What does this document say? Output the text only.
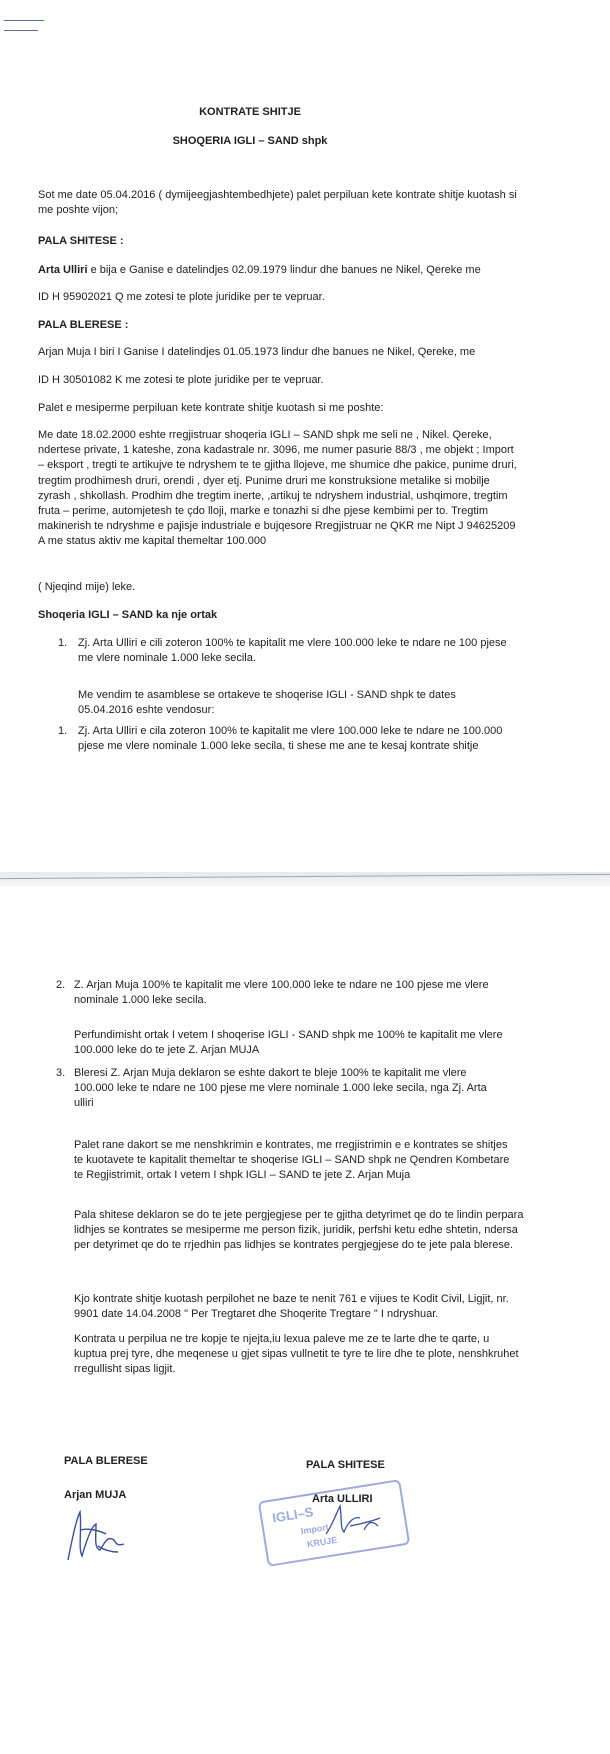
KONTRATE SHITJE
SHOQERIA IGLI – SAND shpk
Sot me date 05.04.2016 ( dymijeegjashtembedhjete) palet perpiluan kete kontrate shitje kuotash si me poshte vijon;
PALA SHITESE :
Arta Ulliri e bija e Ganise e datelindjes 02.09.1979 lindur dhe banues ne Nikel, Qereke me
ID H 95902021 Q me zotesi te plote juridike per te vepruar.
PALA BLERESE :
Arjan Muja I biri I Ganise I datelindjes 01.05.1973 lindur dhe banues ne Nikel, Qereke, me
ID H 30501082 K me zotesi te plote juridike per te vepruar.
Palet e mesiperme perpiluan kete kontrate shitje kuotash si me poshte:
Me date 18.02.2000 eshte rregjistruar shoqeria IGLI – SAND shpk me seli ne , Nikel. Qereke, ndertese private, 1 kateshe, zona kadastrale nr. 3096, me numer pasurie 88/3 , me objekt ; Import – eksport , tregti te artikujve te ndryshem te te gjitha llojeve, me shumice dhe pakice, punime druri, tregtim prodhimesh druri, orendi , dyer etj. Punime druri me konstruksione metalike si mobilje zyrash , shkollash. Prodhim dhe tregtim inerte, ,artikuj te ndryshem industrial, ushqimore, tregtim fruta – perime, automjetesh te çdo lloji, marke e tonazhi si dhe pjese kembimi per to. Tregtim makinerish te ndryshme e pajisje industriale e bujqesore Rregjistruar ne QKR me Nipt J 94625209 A me status aktiv me kapital themeltar 100.000
( Njeqind mije) leke.
Shoqeria IGLI – SAND ka nje ortak
1. Zj. Arta Ulliri e cili zoteron 100% te kapitalit me vlere 100.000 leke te ndare ne 100 pjese me vlere nominale 1.000 leke secila.
Me vendim te asamblese se ortakeve te shoqerise IGLI - SAND shpk te dates 05.04.2016 eshte vendosur:
1. Zj. Arta Ulliri e cila zoteron 100% te kapitalit me vlere 100.000 leke te ndare ne 100.000 pjese me vlere nominale 1.000 leke secila, ti shese me ane te kesaj kontrate shitje
2. Z. Arjan Muja 100% te kapitalit me vlere 100.000 leke te ndare ne 100 pjese me vlere nominale 1.000 leke secila.
Perfundimisht ortak I vetem I shoqerise IGLI - SAND shpk me 100% te kapitalit me vlere 100.000 leke do te jete Z. Arjan MUJA
3. Bleresi Z. Arjan Muja deklaron se eshte dakort te bleje 100% te kapitalit me vlere 100.000 leke te ndare ne 100 pjese me vlere nominale 1.000 leke secila, nga Zj. Arta ulliri
Palet rane dakort se me nenshkrimin e kontrates, me rregjistrimin e e kontrates se shitjes te kuotavete te kapitalit themeltar te shoqerise IGLI – SAND shpk ne Qendren Kombetare te Regjistrimit, ortak I vetem I shpk IGLI – SAND te jete Z. Arjan Muja
Pala shitese deklaron se do te jete pergjegjese per te gjitha detyrimet qe do te lindin perpara lidhjes se kontrates se mesiperme me person fizik, juridik, perfshi ketu edhe shtetin, ndersa per detyrimet qe do te rrjedhin pas lidhjes se kontrates pergjegjese do te jete pala bleresе.
Kjo kontrate shitje kuotash perpilohet ne baze te nenit 761 e vijues te Kodit Civil, Ligjit, nr. 9901 date 14.04.2008 " Per Tregtaret dhe Shoqerite Tregtare " I ndryshuar.
Kontrata u perpilua ne tre kopje te njejta,iu lexua paleve me ze te larte dhe te qarte, u kuptua prej tyre, dhe meqenese u gjet sipas vullnetit te tyre te lire dhe te plote, nenshkruhet rregullisht sipas ligjit.
PALA BLERESE
Arjan MUJA
PALA SHITESE
Arta ULLIRI
IGLI–S
Import
KRUJE
